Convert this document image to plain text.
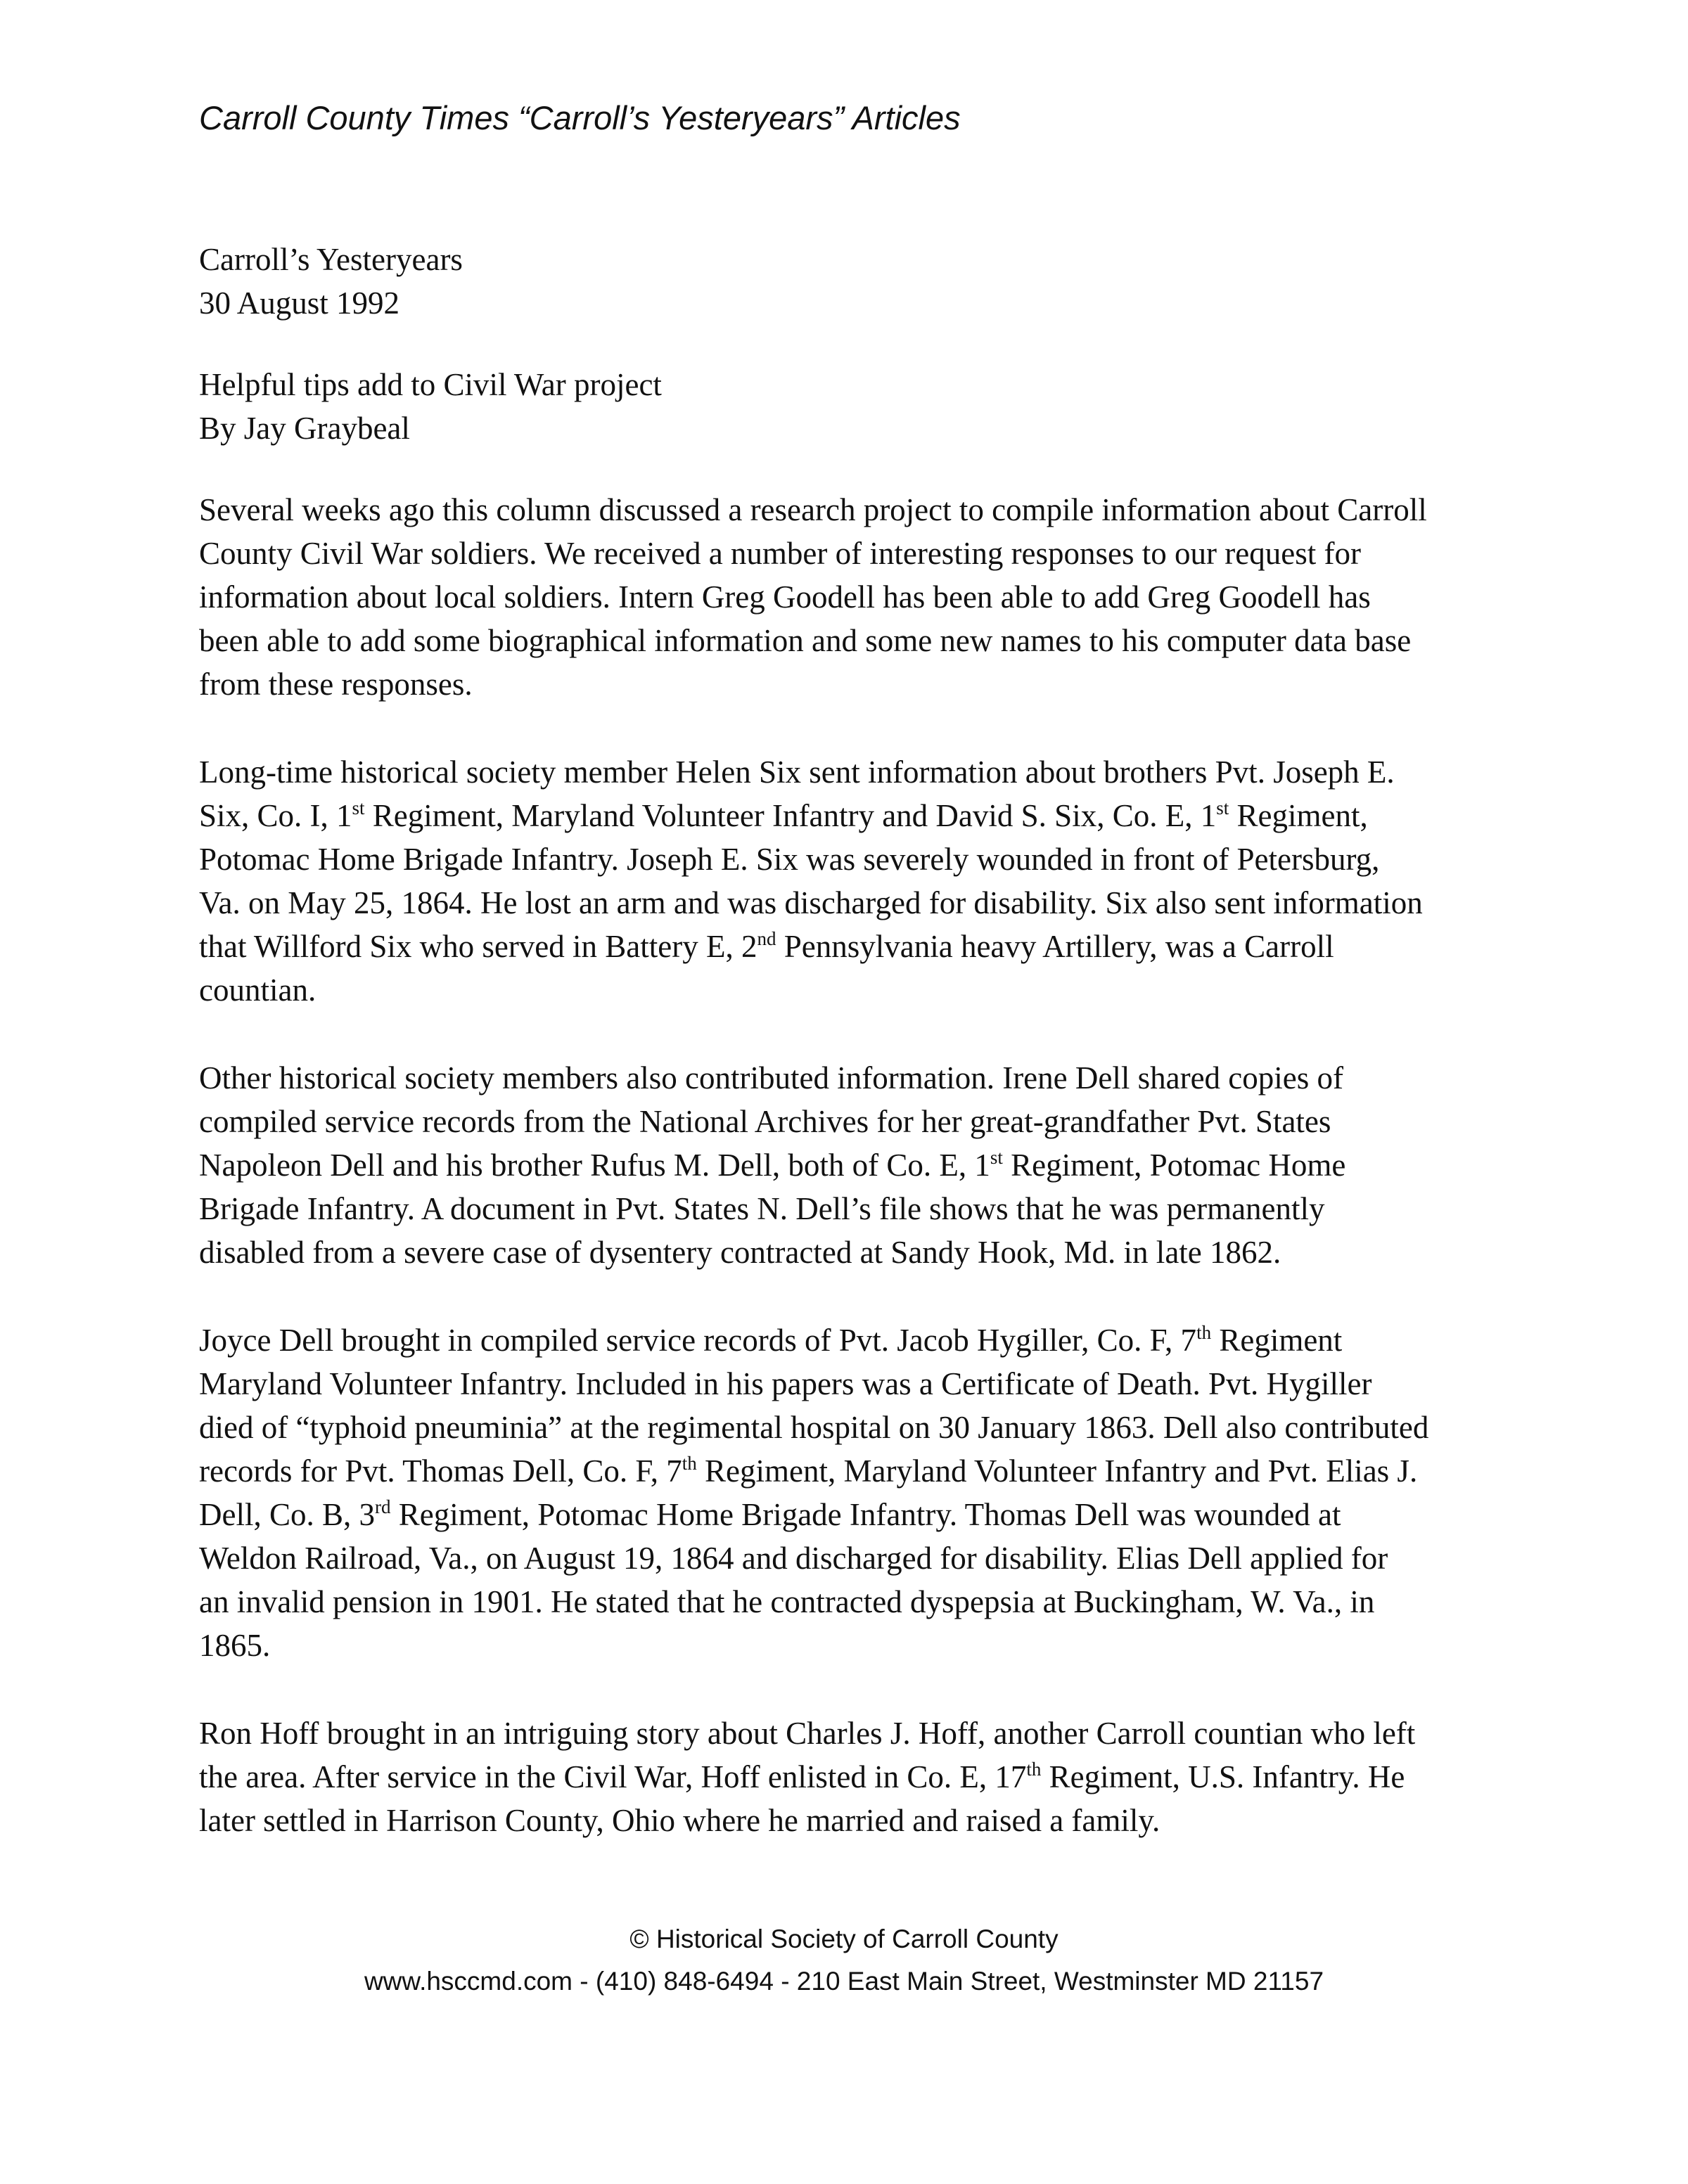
Carroll County Times “Carroll’s Yesteryears” Articles
Carroll’s Yesteryears
30 August 1992
Helpful tips add to Civil War project
By Jay Graybeal
Several weeks ago this column discussed a research project to compile information about Carroll
County Civil War soldiers. We received a number of interesting responses to our request for
information about local soldiers. Intern Greg Goodell has been able to add Greg Goodell has
been able to add some biographical information and some new names to his computer data base
from these responses.
Long-time historical society member Helen Six sent information about brothers Pvt. Joseph E.
Six, Co. I, 1st Regiment, Maryland Volunteer Infantry and David S. Six, Co. E, 1st Regiment,
Potomac Home Brigade Infantry. Joseph E. Six was severely wounded in front of Petersburg,
Va. on May 25, 1864. He lost an arm and was discharged for disability. Six also sent information
that Willford Six who served in Battery E, 2nd Pennsylvania heavy Artillery, was a Carroll
countian.
Other historical society members also contributed information. Irene Dell shared copies of
compiled service records from the National Archives for her great-grandfather Pvt. States
Napoleon Dell and his brother Rufus M. Dell, both of Co. E, 1st Regiment, Potomac Home
Brigade Infantry. A document in Pvt. States N. Dell’s file shows that he was permanently
disabled from a severe case of dysentery contracted at Sandy Hook, Md. in late 1862.
Joyce Dell brought in compiled service records of Pvt. Jacob Hygiller, Co. F, 7th Regiment
Maryland Volunteer Infantry. Included in his papers was a Certificate of Death. Pvt. Hygiller
died of “typhoid pneuminia” at the regimental hospital on 30 January 1863. Dell also contributed
records for Pvt. Thomas Dell, Co. F, 7th Regiment, Maryland Volunteer Infantry and Pvt. Elias J.
Dell, Co. B, 3rd Regiment, Potomac Home Brigade Infantry. Thomas Dell was wounded at
Weldon Railroad, Va., on August 19, 1864 and discharged for disability. Elias Dell applied for
an invalid pension in 1901. He stated that he contracted dyspepsia at Buckingham, W. Va., in
1865.
Ron Hoff brought in an intriguing story about Charles J. Hoff, another Carroll countian who left
the area. After service in the Civil War, Hoff enlisted in Co. E, 17th Regiment, U.S. Infantry. He
later settled in Harrison County, Ohio where he married and raised a family.
© Historical Society of Carroll County
www.hsccmd.com - (410) 848-6494 - 210 East Main Street, Westminster MD 21157
